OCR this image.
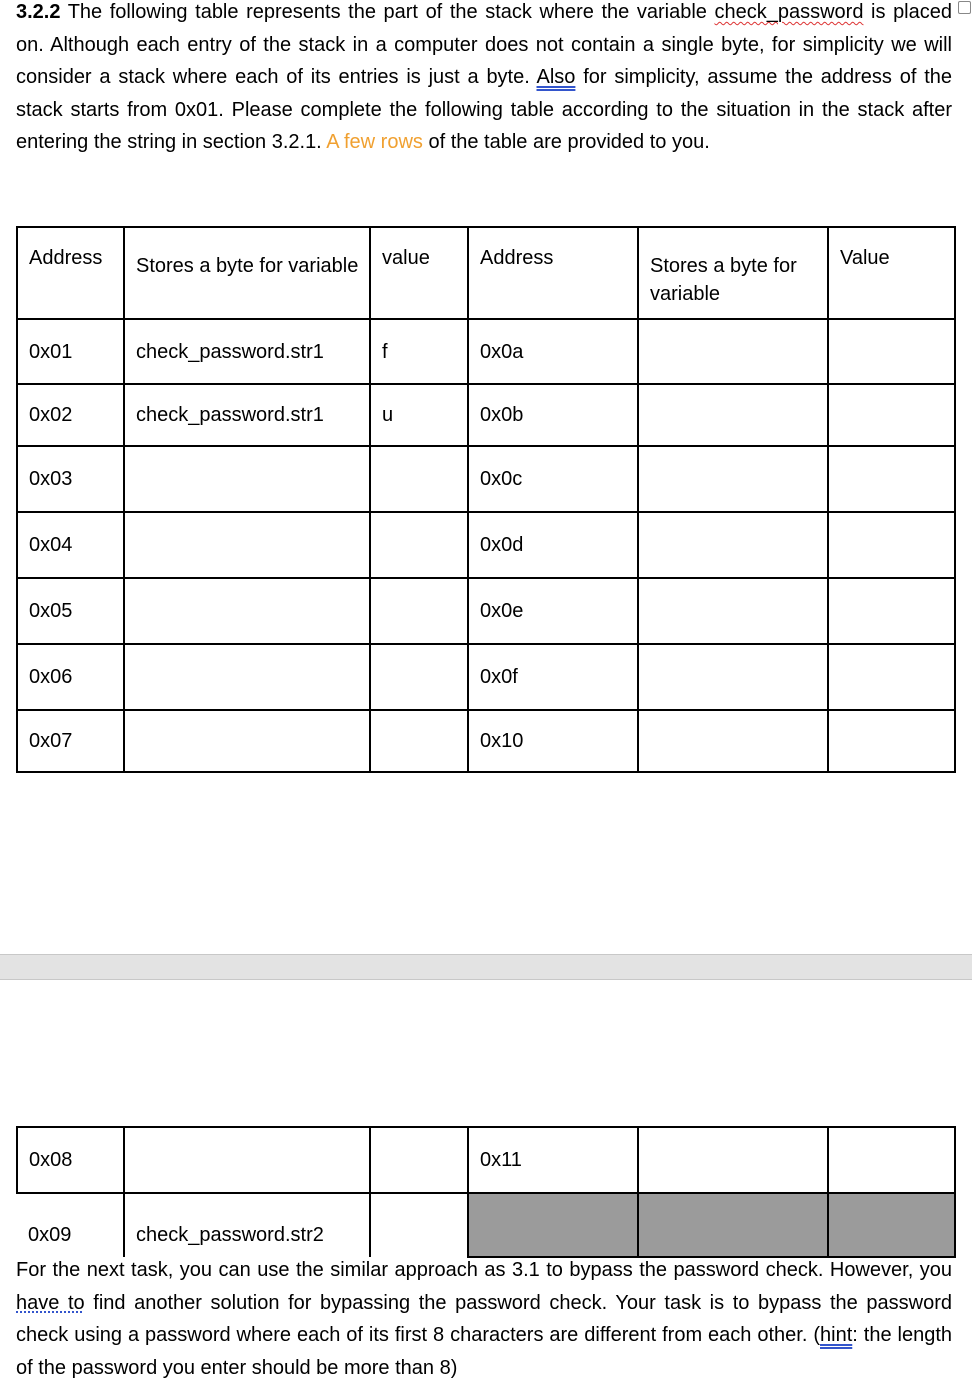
3.2.2 The following table represents the part of the stack where the variable check_password is placed on. Although each entry of the stack in a computer does not contain a single byte, for simplicity we will consider a stack where each of its entries is just a byte. Also for simplicity, assume the address of the stack starts from 0x01. Please complete the following table according to the situation in the stack after entering the string in section 3.2.1. A few rows of the table are provided to you.
Address	Stores a byte for variable	value	Address	Stores a byte for variable	Value
0x01	check_password.str1	f	0x0a		
0x02	check_password.str1	u	0x0b		
0x03			0x0c		
0x04			0x0d		
0x05			0x0e		
0x06			0x0f		
0x07			0x10		
0x08			0x11		
0x09	check_password.str2				
For the next task, you can use the similar approach as 3.1 to bypass the password check. However, you have to find another solution for bypassing the password check. Your task is to bypass the password check using a password where each of its first 8 characters are different from each other. (hint: the length of the password you enter should be more than 8)
